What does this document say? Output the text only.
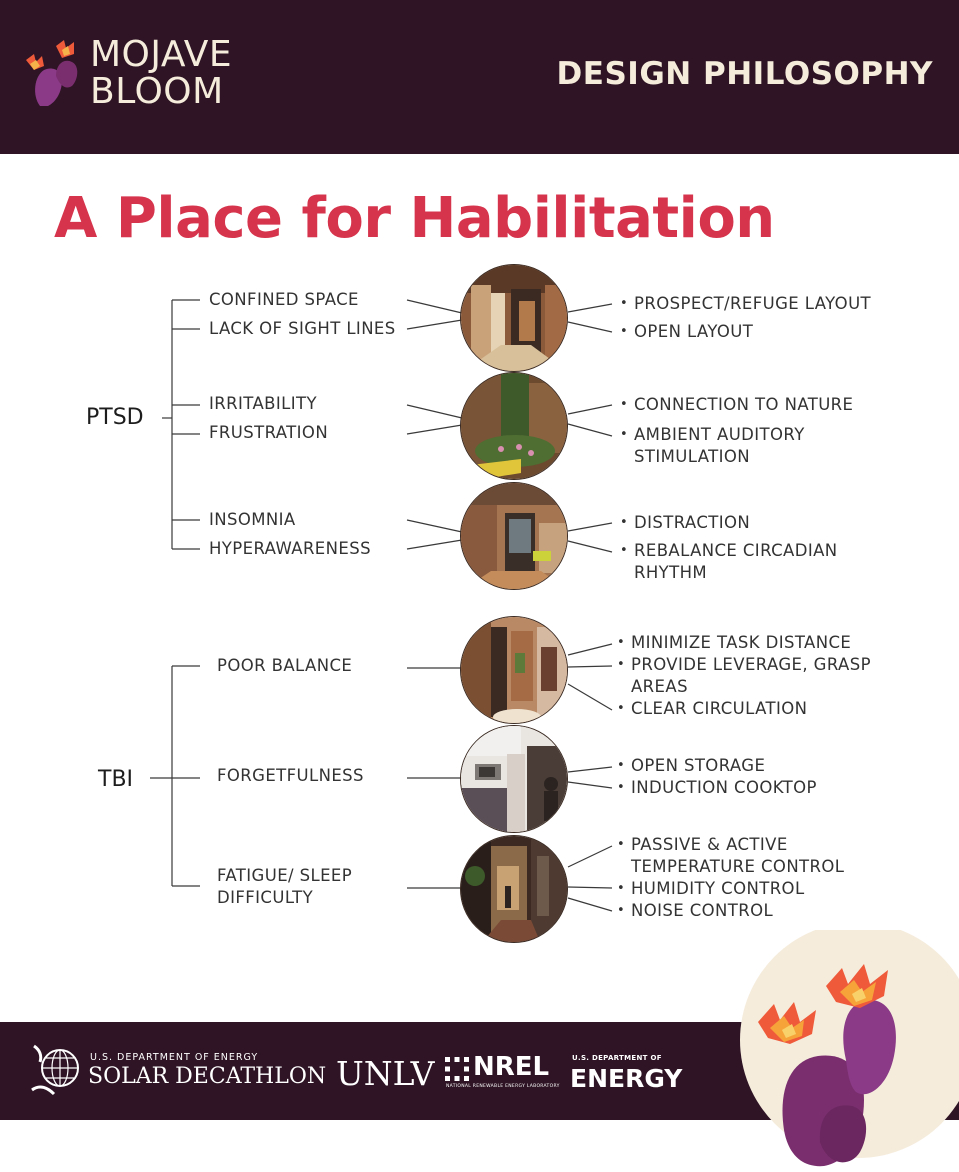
MOJAVE
BLOOM	DESIGN PHILOSOPHY
A Place for Habilitation
PTSD
TBI
CONFINED SPACE
LACK OF SIGHT LINES
IRRITABILITY
FRUSTRATION
INSOMNIA
HYPERAWARENESS
POOR BALANCE
FORGETFULNESS
FATIGUE/ SLEEP DIFFICULTY
• PROSPECT/REFUGE LAYOUT
• OPEN LAYOUT
• CONNECTION TO NATURE
• AMBIENT AUDITORY STIMULATION
• DISTRACTION
• REBALANCE CIRCADIAN RHYTHM
• MINIMIZE TASK DISTANCE
• PROVIDE LEVERAGE, GRASP AREAS
• CLEAR CIRCULATION
• OPEN STORAGE
• INDUCTION COOKTOP
• PASSIVE & ACTIVE TEMPERATURE CONTROL
• HUMIDITY CONTROL
• NOISE CONTROL
U.S. DEPARTMENT OF ENERGY
SOLAR DECATHLON UNLV NREL
NATIONAL RENEWABLE ENERGY LABORATORY
U.S. DEPARTMENT OF
ENERGY
